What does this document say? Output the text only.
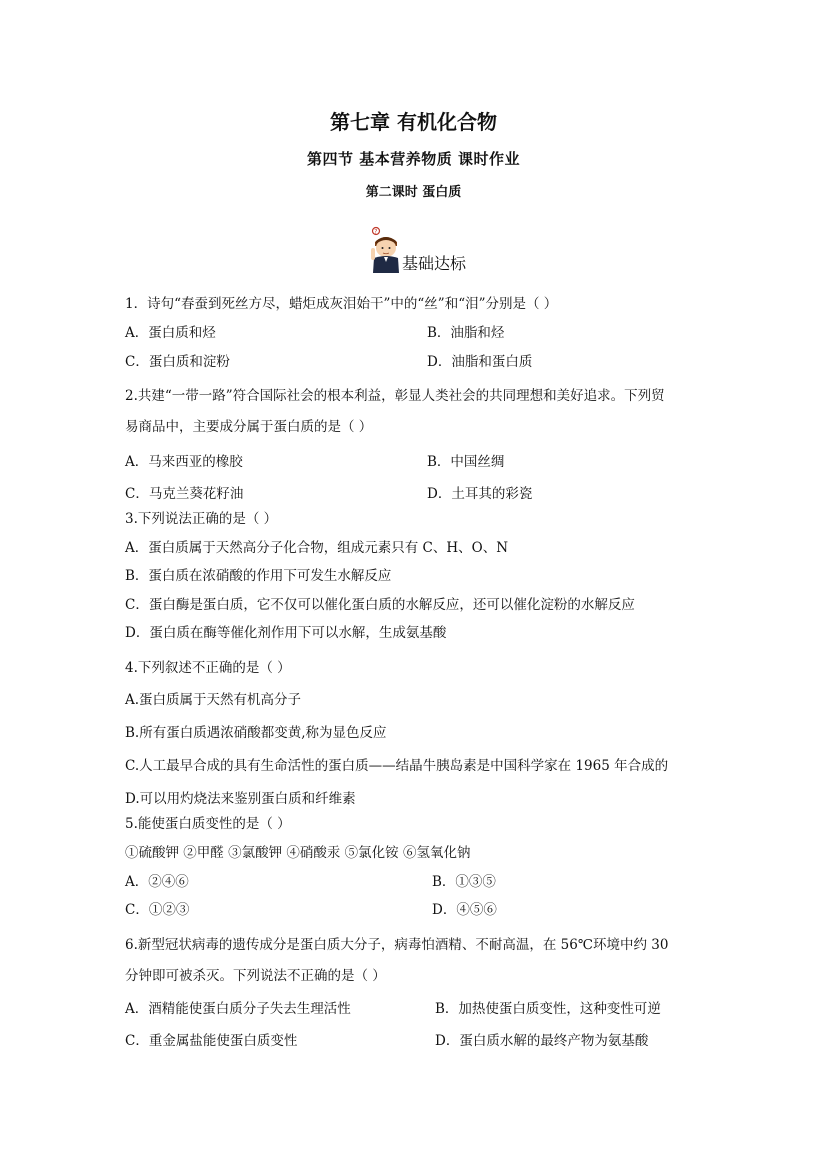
第七章 有机化合物
第四节 基本营养物质 课时作业
第二课时 蛋白质
?
基础达标
1．诗句“春蚕到死丝方尽，蜡炬成灰泪始干”中的“丝”和“泪”分别是（ ）
A．蛋白质和烃	B．油脂和烃
C．蛋白质和淀粉	D．油脂和蛋白质
2.共建“一带一路”符合国际社会的根本利益，彰显人类社会的共同理想和美好追求。下列贸
易商品中，主要成分属于蛋白质的是（ ）
A．马来西亚的橡胶	B．中国丝绸
C．马克兰葵花籽油	D．土耳其的彩瓷
3.下列说法正确的是（ ）
A．蛋白质属于天然高分子化合物，组成元素只有 C、H、O、N
B．蛋白质在浓硝酸的作用下可发生水解反应
C．蛋白酶是蛋白质，它不仅可以催化蛋白质的水解反应，还可以催化淀粉的水解反应
D．蛋白质在酶等催化剂作用下可以水解，生成氨基酸
4.下列叙述不正确的是（ ）
A.蛋白质属于天然有机高分子
B.所有蛋白质遇浓硝酸都变黄,称为显色反应
C.人工最早合成的具有生命活性的蛋白质——结晶牛胰岛素是中国科学家在 1965 年合成的
D.可以用灼烧法来鉴别蛋白质和纤维素
5.能使蛋白质变性的是（ ）
①硫酸钾 ②甲醛 ③氯酸钾 ④硝酸汞 ⑤氯化铵 ⑥氢氧化钠
A．②④⑥	B．①③⑤
C．①②③	D．④⑤⑥
6.新型冠状病毒的遗传成分是蛋白质大分子，病毒怕酒精、不耐高温，在 56℃环境中约 30
分钟即可被杀灭。下列说法不正确的是（ ）
A．酒精能使蛋白质分子失去生理活性	B．加热使蛋白质变性，这种变性可逆
C．重金属盐能使蛋白质变性	D．蛋白质水解的最终产物为氨基酸
